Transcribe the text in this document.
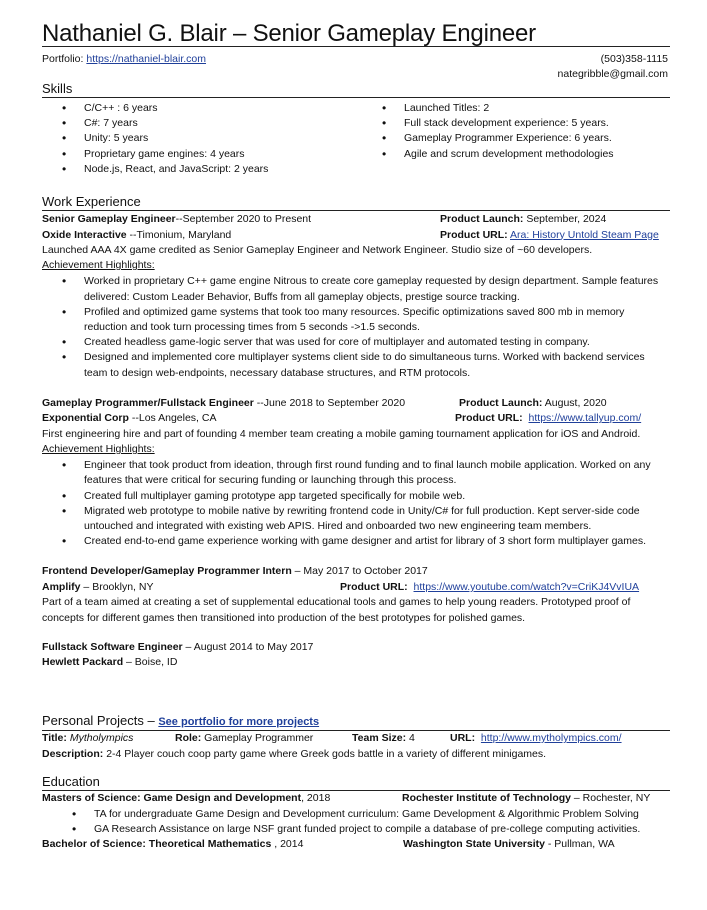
Nathaniel G. Blair – Senior Gameplay Engineer
Portfolio: https://nathaniel-blair.com	(503)358-1115
nategribble@gmail.com
Skills
• C/C++ : 6 years
• C#: 7 years
• Unity: 5 years
• Proprietary game engines: 4 years
• Node.js, React, and JavaScript: 2 years
• Launched Titles: 2
• Full stack development experience: 5 years.
• Gameplay Programmer Experience: 6 years.
• Agile and scrum development methodologies
Work Experience
Senior Gameplay Engineer--September 2020 to Present	Product Launch: September, 2024
Oxide Interactive --Timonium, Maryland	Product URL: Ara: History Untold Steam Page
Launched AAA 4X game credited as Senior Gameplay Engineer and Network Engineer. Studio size of ~60 developers.
Achievement Highlights:
• Worked in proprietary C++ game engine Nitrous to create core gameplay requested by design department. Sample features delivered: Custom Leader Behavior, Buffs from all gameplay objects, prestige source tracking.
• Profiled and optimized game systems that took too many resources. Specific optimizations saved 800 mb in memory reduction and took turn processing times from 5 seconds ->1.5 seconds.
• Created headless game-logic server that was used for core of multiplayer and automated testing in company.
• Designed and implemented core multiplayer systems client side to do simultaneous turns. Worked with backend services team to design web-endpoints, necessary database structures, and RTM protocols.
Gameplay Programmer/Fullstack Engineer --June 2018 to September 2020	Product Launch: August, 2020
Exponential Corp --Los Angeles, CA	Product URL: https://www.tallyup.com/
First engineering hire and part of founding 4 member team creating a mobile gaming tournament application for iOS and Android.
Achievement Highlights:
• Engineer that took product from ideation, through first round funding and to final launch mobile application. Worked on any features that were critical for securing funding or launching through this process.
• Created full multiplayer gaming prototype app targeted specifically for mobile web.
• Migrated web prototype to mobile native by rewriting frontend code in Unity/C# for full production. Kept server-side code untouched and integrated with existing web APIS. Hired and onboarded two new engineering team members.
• Created end-to-end game experience working with game designer and artist for library of 3 short form multiplayer games.
Frontend Developer/Gameplay Programmer Intern – May 2017 to October 2017
Amplify – Brooklyn, NY	Product URL: https://www.youtube.com/watch?v=CriKJ4VvIUA
Part of a team aimed at creating a set of supplemental educational tools and games to help young readers. Prototyped proof of concepts for different games then transitioned into production of the best prototypes for polished games.
Fullstack Software Engineer – August 2014 to May 2017
Hewlett Packard – Boise, ID
Personal Projects – See portfolio for more projects
Title: Mytholympics	Role: Gameplay Programmer	Team Size: 4	URL: http://www.mytholympics.com/
Description: 2-4 Player couch coop party game where Greek gods battle in a variety of different minigames.
Education
Masters of Science: Game Design and Development, 2018	Rochester Institute of Technology – Rochester, NY
• TA for undergraduate Game Design and Development curriculum: Game Development & Algorithmic Problem Solving
• GA Research Assistance on large NSF grant funded project to compile a database of pre-college computing activities.
Bachelor of Science: Theoretical Mathematics , 2014	Washington State University - Pullman, WA
